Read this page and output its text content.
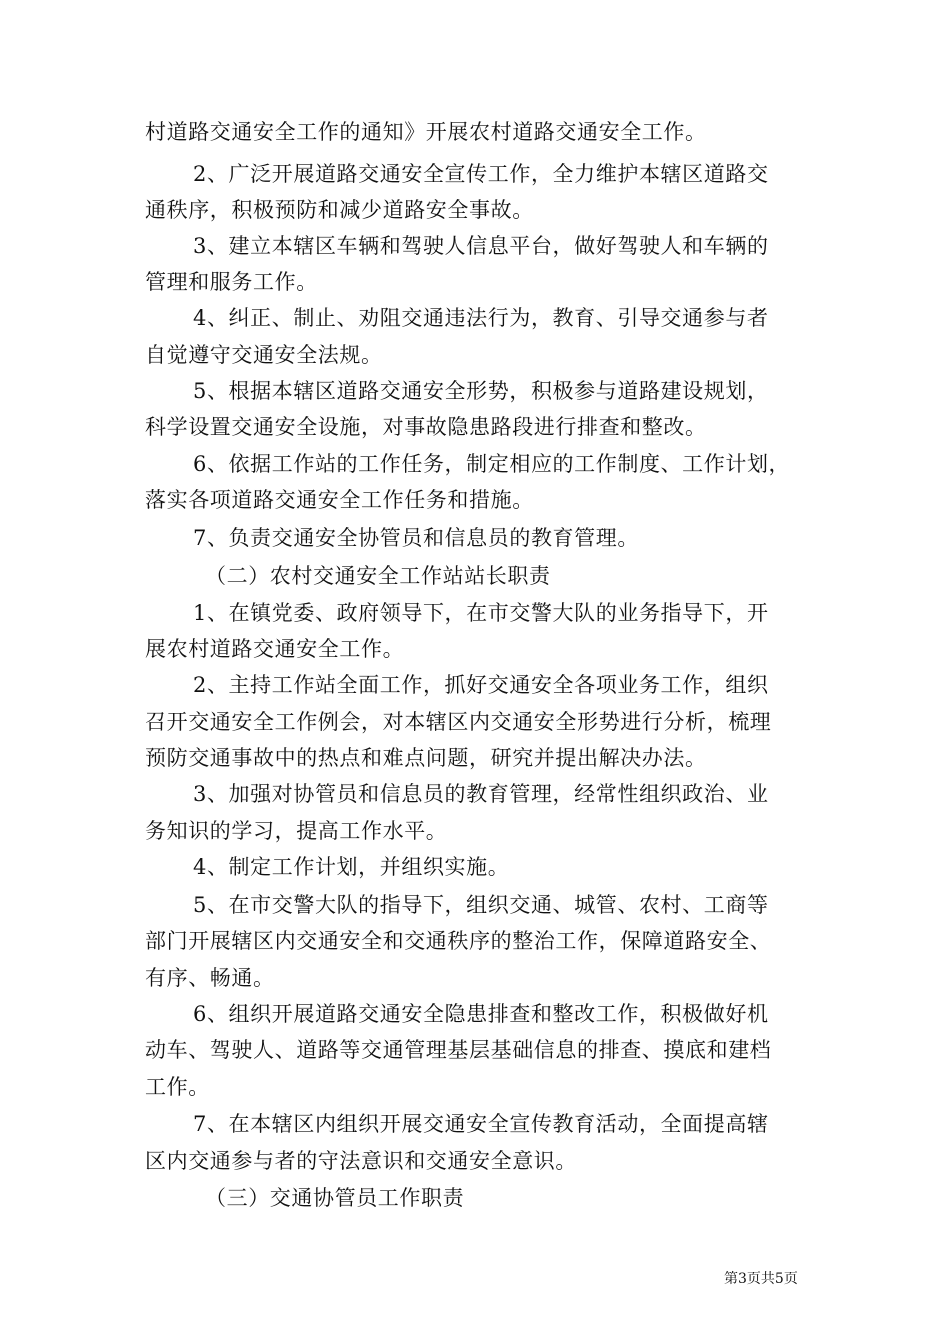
村道路交通安全工作的通知》开展农村道路交通安全工作。
2、广泛开展道路交通安全宣传工作，全力维护本辖区道路交
通秩序，积极预防和减少道路安全事故。
3、建立本辖区车辆和驾驶人信息平台，做好驾驶人和车辆的
管理和服务工作。
4、纠正、制止、劝阻交通违法行为，教育、引导交通参与者
自觉遵守交通安全法规。
5、根据本辖区道路交通安全形势，积极参与道路建设规划，
科学设置交通安全设施，对事故隐患路段进行排查和整改。
6、依据工作站的工作任务，制定相应的工作制度、工作计划，
落实各项道路交通安全工作任务和措施。
7、负责交通安全协管员和信息员的教育管理。
（二）农村交通安全工作站站长职责
1、在镇党委、政府领导下，在市交警大队的业务指导下，开
展农村道路交通安全工作。
2、主持工作站全面工作，抓好交通安全各项业务工作，组织
召开交通安全工作例会，对本辖区内交通安全形势进行分析，梳理
预防交通事故中的热点和难点问题，研究并提出解决办法。
3、加强对协管员和信息员的教育管理，经常性组织政治、业
务知识的学习，提高工作水平。
4、制定工作计划，并组织实施。
5、在市交警大队的指导下，组织交通、城管、农村、工商等
部门开展辖区内交通安全和交通秩序的整治工作，保障道路安全、
有序、畅通。
6、组织开展道路交通安全隐患排查和整改工作，积极做好机
动车、驾驶人、道路等交通管理基层基础信息的排查、摸底和建档
工作。
7、在本辖区内组织开展交通安全宣传教育活动，全面提高辖
区内交通参与者的守法意识和交通安全意识。
（三）交通协管员工作职责
第3页共5页
